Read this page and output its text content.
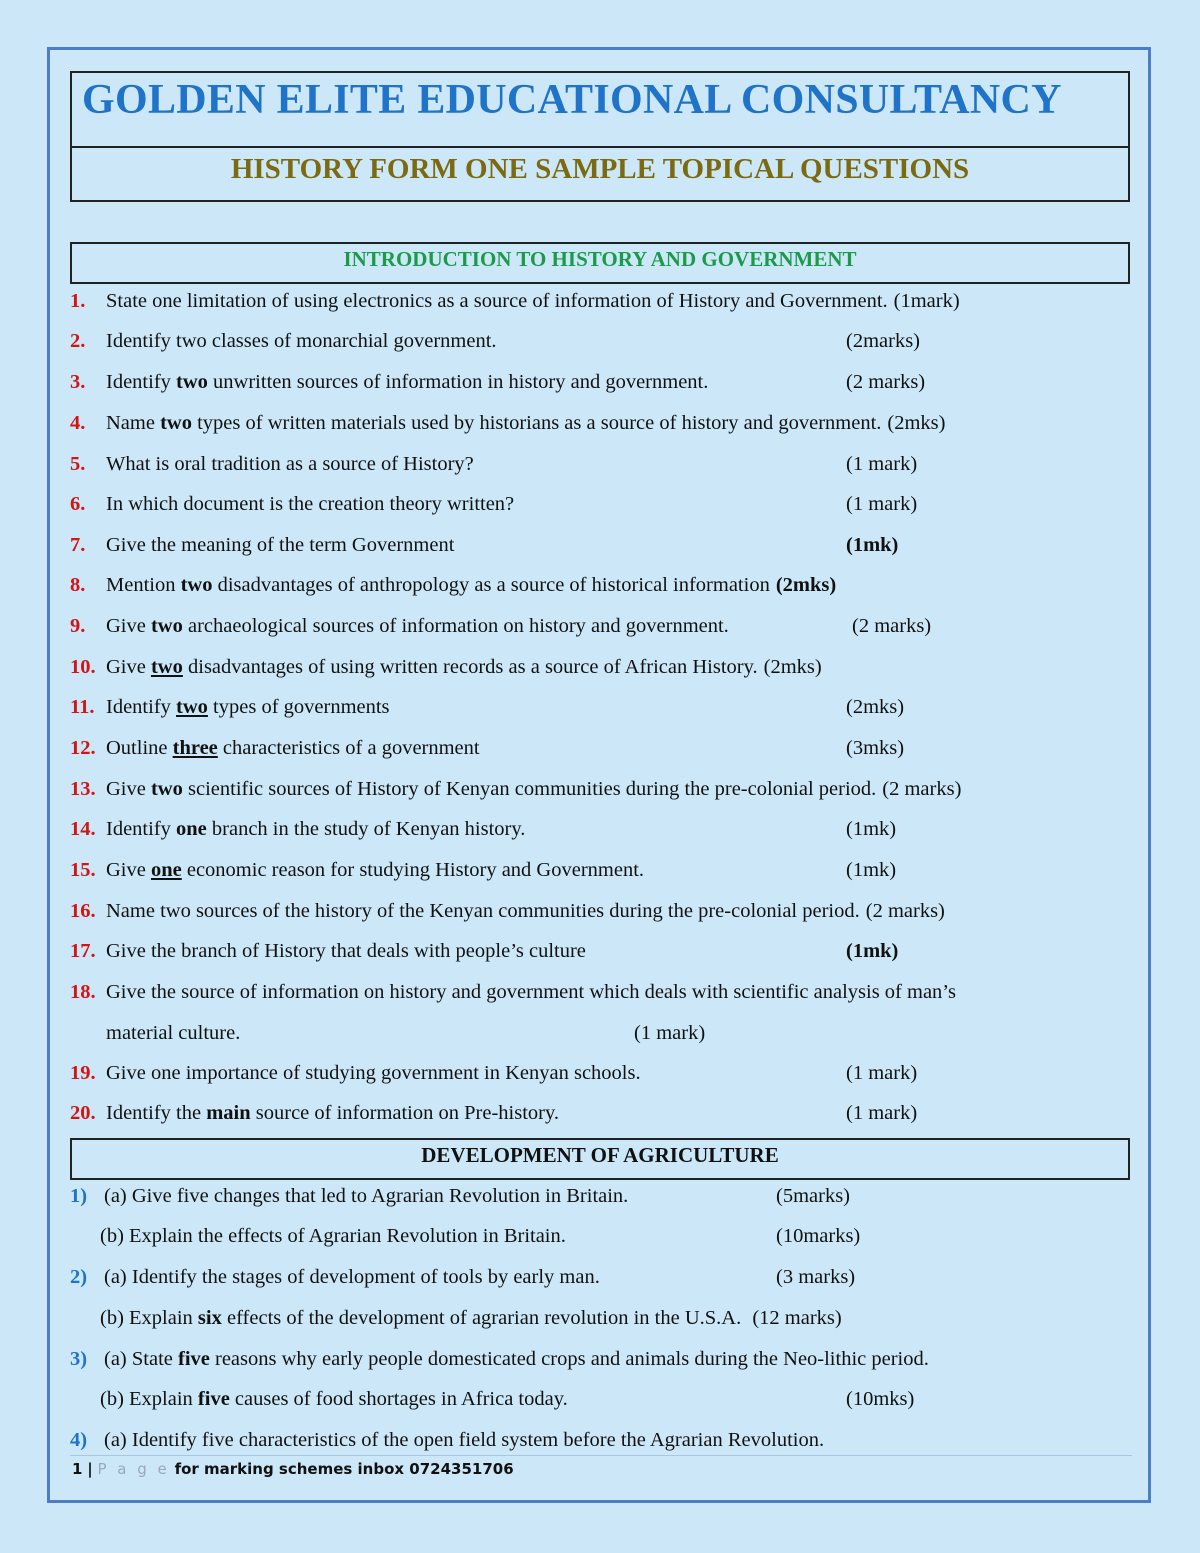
GOLDEN ELITE EDUCATIONAL CONSULTANCY
HISTORY FORM ONE SAMPLE TOPICAL QUESTIONS
INTRODUCTION TO HISTORY AND GOVERNMENT
1. State one limitation of using electronics as a source of information of History and Government. (1mark)
2. Identify two classes of monarchial government.	(2marks)
3. Identify two unwritten sources of information in history and government.	(2 marks)
4. Name two types of written materials used by historians as a source of history and government. (2mks)
5. What is oral tradition as a source of History?	(1 mark)
6. In which document is the creation theory written?	(1 mark)
7. Give the meaning of the term Government	(1mk)
8. Mention two disadvantages of anthropology as a source of historical information (2mks)
9. Give two archaeological sources of information on history and government.	(2 marks)
10. Give two disadvantages of using written records as a source of African History. (2mks)
11. Identify two types of governments	(2mks)
12. Outline three characteristics of a government	(3mks)
13. Give two scientific sources of History of Kenyan communities during the pre-colonial period. (2 marks)
14. Identify one branch in the study of Kenyan history.	(1mk)
15. Give one economic reason for studying History and Government.	(1mk)
16. Name two sources of the history of the Kenyan communities during the pre-colonial period. (2 marks)
17. Give the branch of History that deals with people’s culture	(1mk)
18. Give the source of information on history and government which deals with scientific analysis of man’s
material culture.	(1 mark)
19. Give one importance of studying government in Kenyan schools.	(1 mark)
20. Identify the main source of information on Pre-history.	(1 mark)
DEVELOPMENT OF AGRICULTURE
1) (a) Give five changes that led to Agrarian Revolution in Britain.	(5marks)
(b) Explain the effects of Agrarian Revolution in Britain.	(10marks)
2) (a) Identify the stages of development of tools by early man.	(3 marks)
(b) Explain six effects of the development of agrarian revolution in the U.S.A. (12 marks)
3) (a) State five reasons why early people domesticated crops and animals during the Neo-lithic period.
(b) Explain five causes of food shortages in Africa today.	(10mks)
4) (a) Identify five characteristics of the open field system before the Agrarian Revolution.
1 | P a g e for marking schemes inbox 0724351706
